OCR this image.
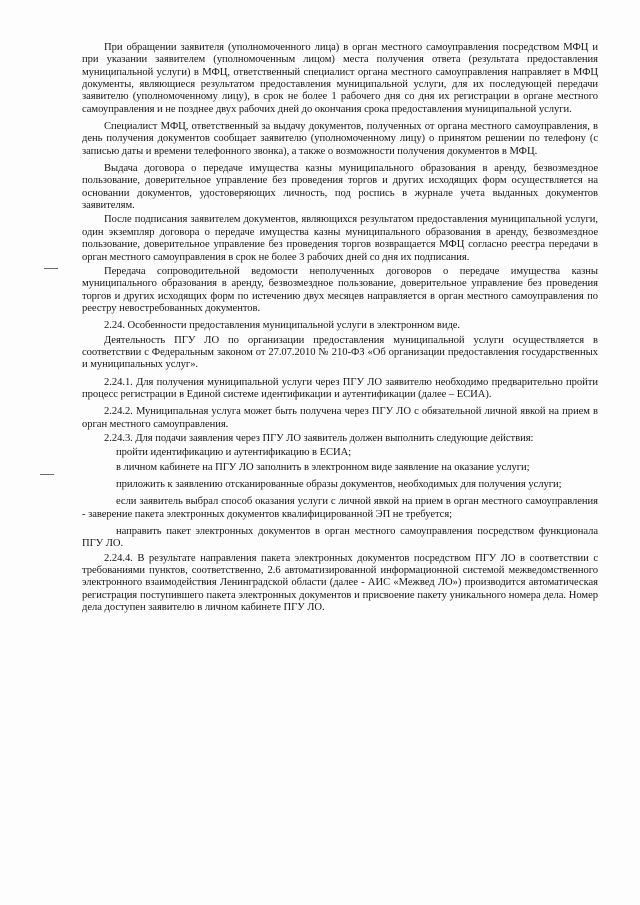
При обращении заявителя (уполномоченного лица) в орган местного самоуправления посредством МФЦ и при указании заявителем (уполномоченным лицом) места получения ответа (результата предоставления муниципальной услуги) в МФЦ, ответственный специалист органа местного самоуправления направляет в МФЦ документы, являющиеся результатом предоставления муниципальной услуги, для их последующей передачи заявителю (уполномоченному лицу), в срок не более 1 рабочего дня со дня их регистрации в органе местного самоуправления и не позднее двух рабочих дней до окончания срока предоставления муниципальной услуги.

Специалист МФЦ, ответственный за выдачу документов, полученных от органа местного самоуправления, в день получения документов сообщает заявителю (уполномоченному лицу) о принятом решении по телефону (с записью даты и времени телефонного звонка), а также о возможности получения документов в МФЦ.

Выдача договора о передаче имущества казны муниципального образования в аренду, безвозмездное пользование, доверительное управление без проведения торгов и других исходящих форм осуществляется на основании документов, удостоверяющих личность, под роспись в журнале учета выданных документов заявителям.

После подписания заявителем документов, являющихся результатом предоставления муниципальной услуги, один экземпляр договора о передаче имущества казны муниципального образования в аренду, безвозмездное пользование, доверительное управление без проведения торгов возвращается МФЦ согласно реестра передачи в орган местного самоуправления в срок не более 3 рабочих дней со дня их подписания.

Передача сопроводительной ведомости неполученных договоров о передаче имущества казны муниципального образования в аренду, безвозмездное пользование, доверительное управление без проведения торгов и других исходящих форм по истечению двух месяцев направляется в орган местного самоуправления по реестру невостребованных документов.

2.24. Особенности предоставления муниципальной услуги в электронном виде.

Деятельность ПГУ ЛО по организации предоставления муниципальной услуги осуществляется в соответствии с Федеральным законом от 27.07.2010 № 210-ФЗ «Об организации предоставления государственных и муниципальных услуг».

2.24.1. Для получения муниципальной услуги через ПГУ ЛО заявителю необходимо предварительно пройти процесс регистрации в Единой системе идентификации и аутентификации (далее – ЕСИА).

2.24.2. Муниципальная услуга может быть получена через ПГУ ЛО с обязательной личной явкой на прием в орган местного самоуправления.

2.24.3. Для подачи заявления через ПГУ ЛО заявитель должен выполнить следующие действия:

пройти идентификацию и аутентификацию в ЕСИА;

в личном кабинете на ПГУ ЛО заполнить в электронном виде заявление на оказание услуги;

приложить к заявлению отсканированные образы документов, необходимых для получения услуги;

если заявитель выбрал способ оказания услуги с личной явкой на прием в орган местного самоуправления - заверение пакета электронных документов квалифицированной ЭП не требуется;

направить пакет электронных документов в орган местного самоуправления посредством функционала ПГУ ЛО.

2.24.4. В результате направления пакета электронных документов посредством ПГУ ЛО в соответствии с требованиями пунктов, соответственно, 2.6 автоматизированной информационной системой межведомственного электронного взаимодействия Ленинградской области (далее - АИС «Межвед ЛО») производится автоматическая регистрация поступившего пакета электронных документов и присвоение пакету уникального номера дела. Номер дела доступен заявителю в личном кабинете ПГУ ЛО.
